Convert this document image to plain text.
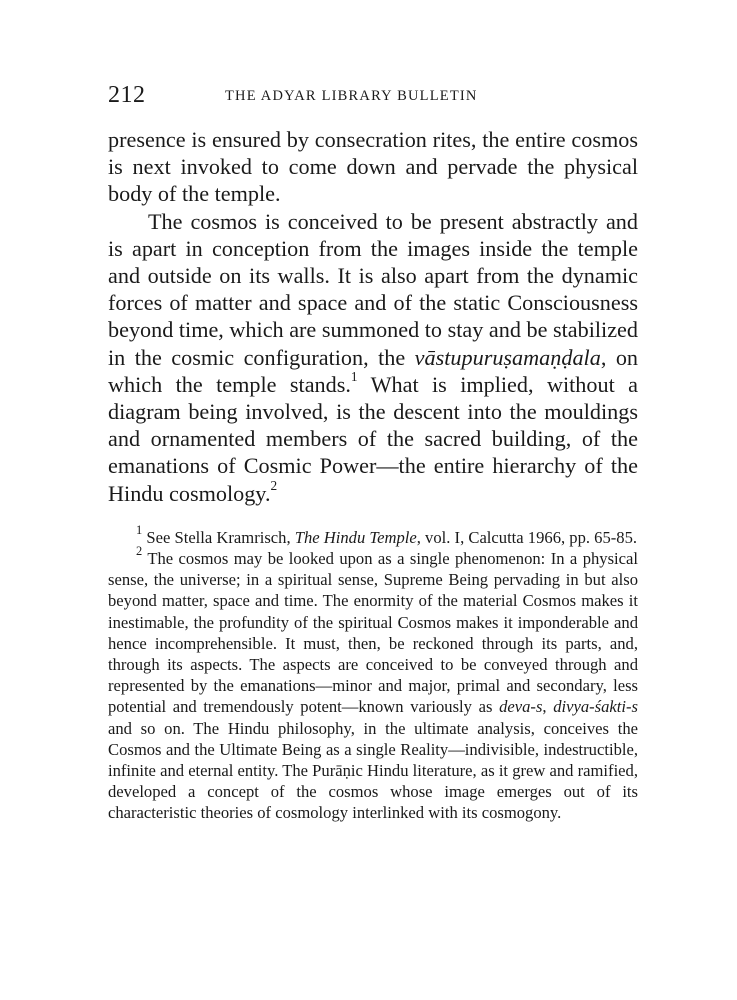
212	THE ADYAR LIBRARY BULLETIN

presence is ensured by consecration rites, the entire cosmos is next invoked to come down and pervade the physical body of the temple.

The cosmos is conceived to be present abstractly and is apart in conception from the images inside the temple and outside on its walls. It is also apart from the dynamic forces of matter and space and of the static Consciousness beyond time, which are summoned to stay and be stabilized in the cosmic configuration, the vāstupuruṣamaṇḍala, on which the temple stands.$^1$ What is implied, without a diagram being involved, is the descent into the mouldings and ornamented members of the sacred building, of the emanations of Cosmic Power—the entire hierarchy of the Hindu cosmology.$^2$

$^1$ See Stella Kramrisch, The Hindu Temple, vol. I, Calcutta 1966, pp. 65-85.

$^2$ The cosmos may be looked upon as a single phenomenon: In a physical sense, the universe; in a spiritual sense, Supreme Being pervading in but also beyond matter, space and time. The enormity of the material Cosmos makes it inestimable, the profundity of the spiritual Cosmos makes it imponderable and hence incomprehensible. It must, then, be reckoned through its parts, and, through its aspects. The aspects are conceived to be conveyed through and represented by the emanations—minor and major, primal and secondary, less potential and tremendously potent—known variously as deva-s, divya-śakti-s and so on. The Hindu philosophy, in the ultimate analysis, conceives the Cosmos and the Ultimate Being as a single Reality—indivisible, indestructible, infinite and eternal entity. The Purāṇic Hindu literature, as it grew and ramified, developed a concept of the cosmos whose image emerges out of its characteristic theories of cosmology interlinked with its cosmogony.
